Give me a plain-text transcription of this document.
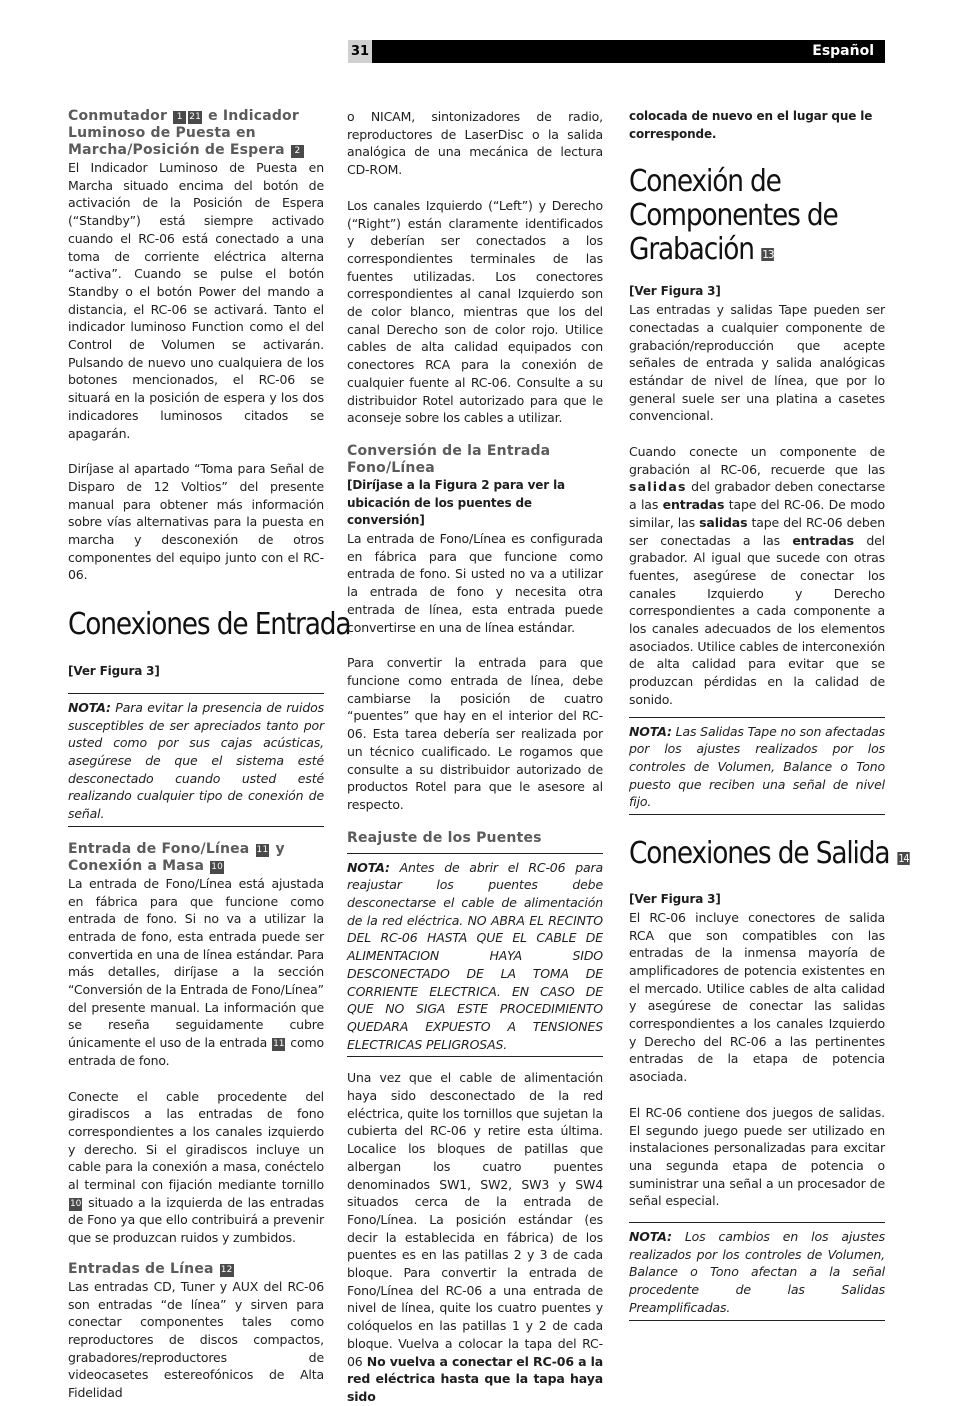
31	Español
Conmutador 1 21 e Indicador Luminoso de Puesta en Marcha/Posición de Espera 2

El Indicador Luminoso de Puesta en Marcha situado encima del botón de activación de la Posición de Espera (“Standby”) está siempre activado cuando el RC-06 está conectado a una toma de corriente eléctrica alterna “activa”. Cuando se pulse el botón Standby o el botón Power del mando a distancia, el RC-06 se activará. Tanto el indicador luminoso Function como el del Control de Volumen se activarán. Pulsando de nuevo uno cualquiera de los botones mencionados, el RC-06 se situará en la posición de espera y los dos indicadores luminosos citados se apagarán.

Diríjase al apartado “Toma para Señal de Disparo de 12 Voltios” del presente manual para obtener más información sobre vías alternativas para la puesta en marcha y desconexión de otros componentes del equipo junto con el RC-06.

Conexiones de Entrada

[Ver Figura 3]

NOTA: Para evitar la presencia de ruidos susceptibles de ser apreciados tanto por usted como por sus cajas acústicas, asegúrese de que el sistema esté desconectado cuando usted esté realizando cualquier tipo de conexión de señal.

Entrada de Fono/Línea 11 y Conexión a Masa 10

La entrada de Fono/Línea está ajustada en fábrica para que funcione como entrada de fono. Si no va a utilizar la entrada de fono, esta entrada puede ser convertida en una de línea estándar. Para más detalles, diríjase a la sección “Conversión de la Entrada de Fono/Línea” del presente manual. La información que se reseña seguidamente cubre únicamente el uso de la entrada 11 como entrada de fono.

Conecte el cable procedente del giradiscos a las entradas de fono correspondientes a los canales izquierdo y derecho. Si el giradiscos incluye un cable para la conexión a masa, conéctelo al terminal con fijación mediante tornillo 10 situado a la izquierda de las entradas de Fono ya que ello contribuirá a prevenir que se produzcan ruidos y zumbidos.

Entradas de Línea 12

Las entradas CD, Tuner y AUX del RC-06 son entradas “de línea” y sirven para conectar componentes tales como reproductores de discos compactos, grabadores/reproductores de videocasetes estereofónicos de Alta Fidelidad

o NICAM, sintonizadores de radio, reproductores de LaserDisc o la salida analógica de una mecánica de lectura CD-ROM.

Los canales Izquierdo (“Left”) y Derecho (“Right”) están claramente identificados y deberían ser conectados a los correspondientes terminales de las fuentes utilizadas. Los conectores correspondientes al canal Izquierdo son de color blanco, mientras que los del canal Derecho son de color rojo. Utilice cables de alta calidad equipados con conectores RCA para la conexión de cualquier fuente al RC-06. Consulte a su distribuidor Rotel autorizado para que le aconseje sobre los cables a utilizar.

Conversión de la Entrada Fono/Línea

[Diríjase a la Figura 2 para ver la ubicación de los puentes de conversión]

La entrada de Fono/Línea es configurada en fábrica para que funcione como entrada de fono. Si usted no va a utilizar la entrada de fono y necesita otra entrada de línea, esta entrada puede convertirse en una de línea estándar.

Para convertir la entrada para que funcione como entrada de línea, debe cambiarse la posición de cuatro “puentes” que hay en el interior del RC-06. Esta tarea debería ser realizada por un técnico cualificado. Le rogamos que consulte a su distribuidor autorizado de productos Rotel para que le asesore al respecto.

Reajuste de los Puentes

NOTA: Antes de abrir el RC-06 para reajustar los puentes debe desconectarse el cable de alimentación de la red eléctrica. NO ABRA EL RECINTO DEL RC-06 HASTA QUE EL CABLE DE ALIMENTACION HAYA SIDO DESCONECTADO DE LA TOMA DE CORRIENTE ELECTRICA. EN CASO DE QUE NO SIGA ESTE PROCEDIMIENTO QUEDARA EXPUESTO A TENSIONES ELECTRICAS PELIGROSAS.

Una vez que el cable de alimentación haya sido desconectado de la red eléctrica, quite los tornillos que sujetan la cubierta del RC-06 y retire esta última. Localice los bloques de patillas que albergan los cuatro puentes denominados SW1, SW2, SW3 y SW4 situados cerca de la entrada de Fono/Línea. La posición estándar (es decir la establecida en fábrica) de los puentes es en las patillas 2 y 3 de cada bloque. Para convertir la entrada de Fono/Línea del RC-06 a una entrada de nivel de línea, quite los cuatro puentes y colóquelos en las patillas 1 y 2 de cada bloque. Vuelva a colocar la tapa del RC-06 No vuelva a conectar el RC-06 a la red eléctrica hasta que la tapa haya sido

colocada de nuevo en el lugar que le corresponde.

Conexión de Componentes de Grabación 13

[Ver Figura 3]

Las entradas y salidas Tape pueden ser conectadas a cualquier componente de grabación/reproducción que acepte señales de entrada y salida analógicas estándar de nivel de línea, que por lo general suele ser una platina a casetes convencional.

Cuando conecte un componente de grabación al RC-06, recuerde que las salidas del grabador deben conectarse a las entradas tape del RC-06. De modo similar, las salidas tape del RC-06 deben ser conectadas a las entradas del grabador. Al igual que sucede con otras fuentes, asegúrese de conectar los canales Izquierdo y Derecho correspondientes a cada componente a los canales adecuados de los elementos asociados. Utilice cables de interconexión de alta calidad para evitar que se produzcan pérdidas en la calidad de sonido.

NOTA: Las Salidas Tape no son afectadas por los ajustes realizados por los controles de Volumen, Balance o Tono puesto que reciben una señal de nivel fijo.

Conexiones de Salida 14

[Ver Figura 3]

El RC-06 incluye conectores de salida RCA que son compatibles con las entradas de la inmensa mayoría de amplificadores de potencia existentes en el mercado. Utilice cables de alta calidad y asegúrese de conectar las salidas correspondientes a los canales Izquierdo y Derecho del RC-06 a las pertinentes entradas de la etapa de potencia asociada.

El RC-06 contiene dos juegos de salidas. El segundo juego puede ser utilizado en instalaciones personalizadas para excitar una segunda etapa de potencia o suministrar una señal a un procesador de señal especial.

NOTA: Los cambios en los ajustes realizados por los controles de Volumen, Balance o Tono afectan a la señal procedente de las Salidas Preamplificadas.
